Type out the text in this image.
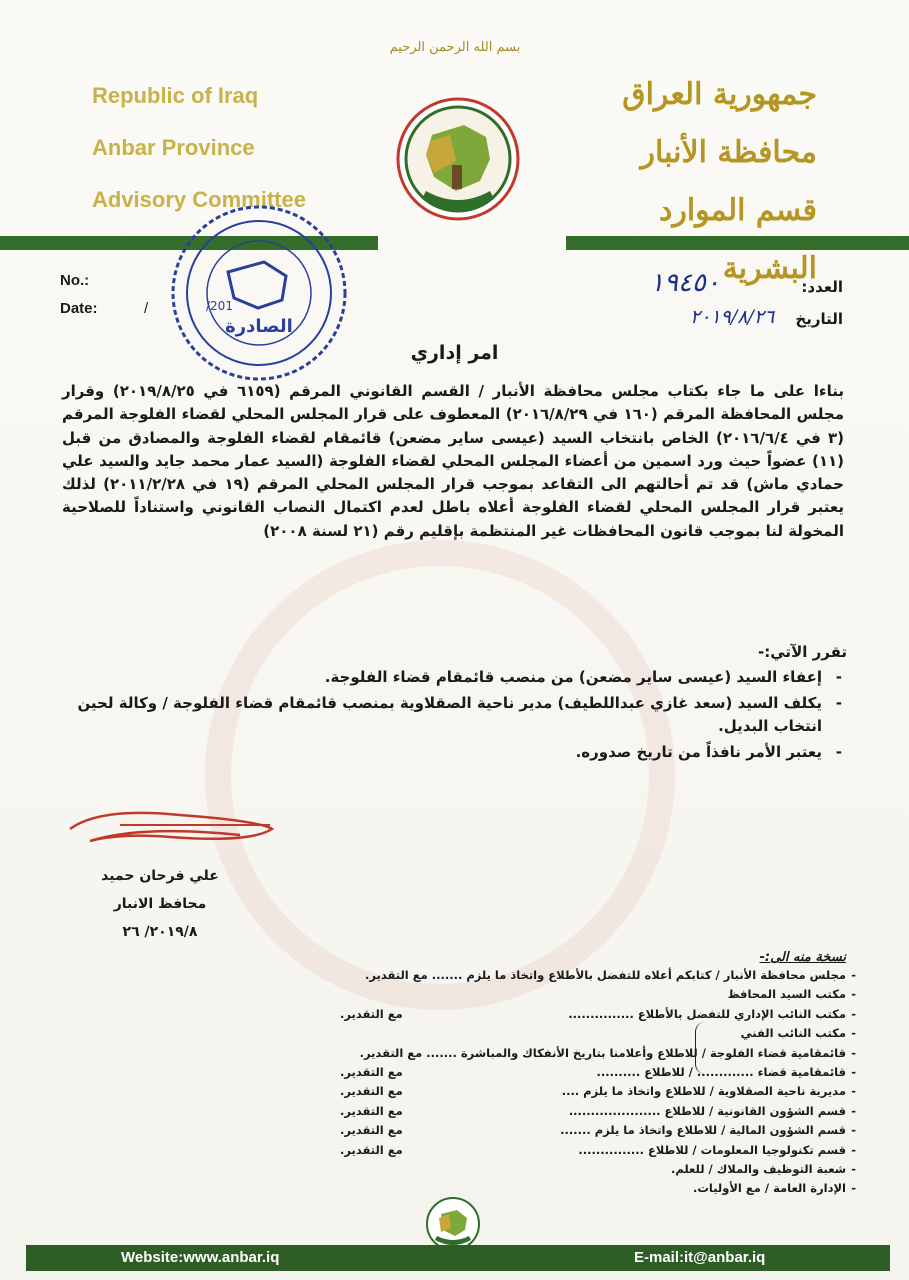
بسم الله الرحمن الرحيم
Republic of Iraq
Anbar Province
Advisory Committee
جمهورية العراق
محافظة الأنبار
قسم الموارد البشرية
الصادرة
/201
No.:
Date:	/
العدد:
التاريخ
١٩٤٥٠
٢٠١٩/٨/٢٦
امر إداري

بناءا على ما جاء بكتاب مجلس محافظة الأنبار / القسم القانوني المرقم (٦١٥٩ في ٢٠١٩/٨/٢٥) وقرار مجلس المحافظة المرقم (١٦٠ في ٢٠١٦/٨/٢٩) المعطوف على قرار المجلس المحلي لقضاء الفلوجة المرقم (٣ في ٢٠١٦/٦/٤) الخاص بانتخاب السيد (عيسى ساير مضعن) قائمقام لقضاء الفلوجة والمصادق من قبل (١١) عضواً حيث ورد اسمين من أعضاء المجلس المحلي لقضاء الفلوجة (السيد عمار محمد جايد والسيد علي حمادي ماش) قد تم أحالتهم الى التقاعد بموجب قرار المجلس المحلي المرقم (١٩ في ٢٠١١/٢/٢٨) لذلك يعتبر قرار المجلس المحلي لقضاء الفلوجة أعلاه باطل لعدم اكتمال النصاب القانوني واستناداً للصلاحية المخولة لنا بموجب قانون المحافظات غير المنتظمة بإقليم رقم (٢١ لسنة ٢٠٠٨)

تقرر الآتي:-
- إعفاء السيد (عيسى ساير مضعن) من منصب قائمقام قضاء الفلوجة.
- يكلف السيد (سعد غازي عبداللطيف) مدير ناحية الصقلاوية بمنصب قائمقام قضاء الفلوجة / وكالة لحين انتخاب البديل.
- يعتبر الأمر نافذاً من تاريخ صدوره.
علي فرحان حميد
محافظ الانبار
٢٠١٩/٨/ ٢٦
نسخة منه الى:-
- مجلس محافظة الأنبار / كتابكم أعلاه للتفضل بالأطلاع واتخاذ ما يلزم ....... مع التقدير.
- مكتب السيد المحافظ
- مكتب النائب الإداري للتفضل بالأطلاع ...............
مع التقدير.
- مكتب النائب الفني
- قائمقامية قضاء الفلوجة / للاطلاع وأعلامنا بتاريخ الأنفكاك والمباشرة ....... مع التقدير.
- قائمقامية قضاء ............. / للاطلاع ..........
مع التقدير.
- مديرية ناحية الصقلاوية / للاطلاع واتخاذ ما يلزم ....
مع التقدير.
- قسم الشؤون القانونية / للاطلاع .....................
مع التقدير.
- قسم الشؤون المالية / للاطلاع واتخاذ ما يلزم .......
مع التقدير.
- قسم تكنولوجيا المعلومات / للاطلاع ...............
مع التقدير.
- شعبة التوظيف والملاك / للعلم.
- الإدارة العامة / مع الأوليات.
Website:www.anbar.iq	E-mail:it@anbar.iq
